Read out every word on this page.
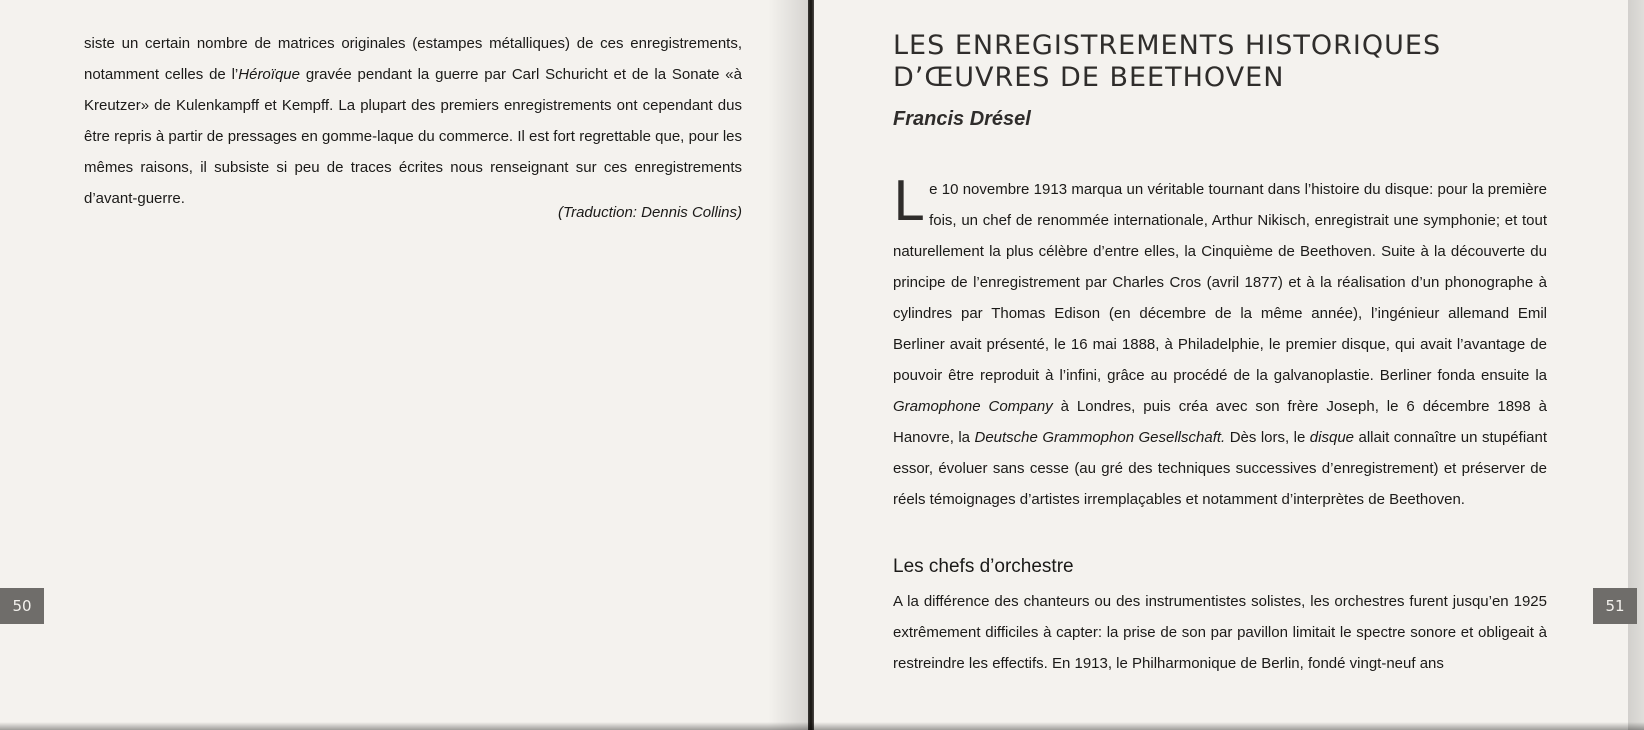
siste un certain nombre de matrices originales (estampes métalliques) de ces enregistrements, notamment celles de l’Héroïque gravée pendant la guerre par Carl Schuricht et de la Sonate «à Kreutzer» de Kulenkampff et Kempff. La plupart des premiers enregistrements ont cependant dus être repris à partir de pressages en gomme-laque du commerce. Il est fort regrettable que, pour les mêmes raisons, il subsiste si peu de traces écrites nous renseignant sur ces enregistrements d’avant-guerre.

(Traduction: Dennis Collins)
LES ENREGISTREMENTS HISTORIQUES
D’ŒUVRES DE BEETHOVEN
Francis Drésel

Le 10 novembre 1913 marqua un véritable tournant dans l’histoire du disque: pour la première fois, un chef de renommée internationale, Arthur Nikisch, enregistrait une symphonie; et tout naturellement la plus célèbre d’entre elles, la Cinquième de Beethoven. Suite à la découverte du principe de l’enregistrement par Charles Cros (avril 1877) et à la réalisation d’un phonographe à cylindres par Thomas Edison (en décembre de la même année), l’ingénieur allemand Emil Berliner avait présenté, le 16 mai 1888, à Philadelphie, le premier disque, qui avait l’avantage de pouvoir être reproduit à l’infini, grâce au procédé de la galvanoplastie. Berliner fonda ensuite la Gramophone Company à Londres, puis créa avec son frère Joseph, le 6 décembre 1898 à Hanovre, la Deutsche Grammophon Gesellschaft. Dès lors, le disque allait connaître un stupéfiant essor, évoluer sans cesse (au gré des techniques successives d’enregistrement) et préserver de réels témoignages d’artistes irremplaçables et notamment d’interprètes de Beethoven.

Les chefs d’orchestre

A la différence des chanteurs ou des instrumentistes solistes, les orchestres furent jusqu’en 1925 extrêmement difficiles à capter: la prise de son par pavillon limitait le spectre sonore et obligeait à restreindre les effectifs. En 1913, le Philharmonique de Berlin, fondé vingt-neuf ans

50	51
